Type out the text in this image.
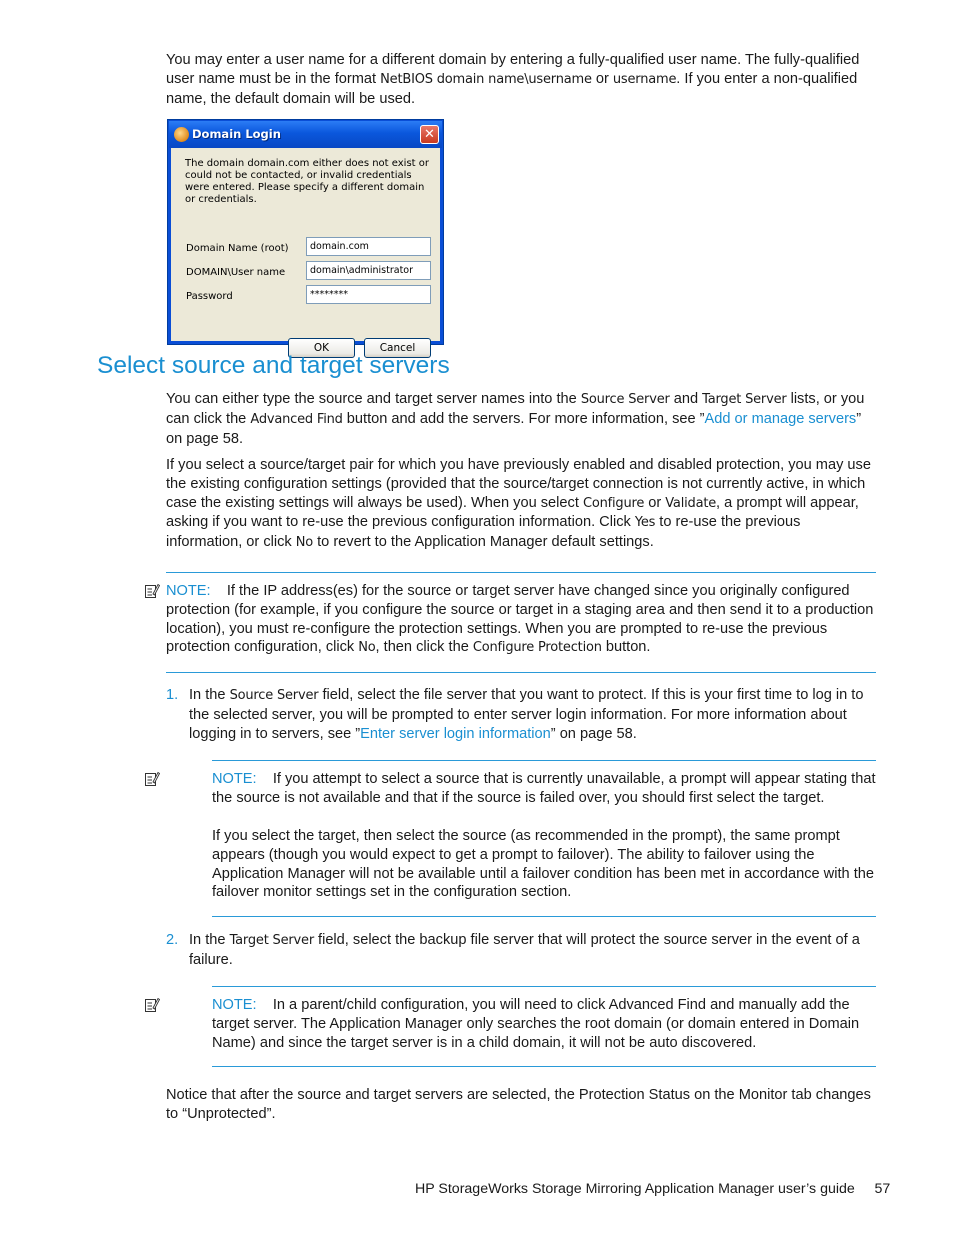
You may enter a user name for a different domain by entering a fully-qualified user name. The fully-qualified user name must be in the format NetBIOS domain name\username or username. If you enter a non-qualified name, the default domain will be used.

Domain Login	✕
The domain domain.com either does not exist or could not be contacted, or invalid credentials were entered. Please specify a different domain or credentials.
Domain Name (root)	domain.com
DOMAIN\User name	domain\administrator
Password	********
OK	Cancel
Select source and target servers

You can either type the source and target server names into the Source Server and Target Server lists, or you can click the Advanced Find button and add the servers. For more information, see ”Add or manage servers” on page 58.

If you select a source/target pair for which you have previously enabled and disabled protection, you may use the existing configuration settings (provided that the source/target connection is not currently active, in which case the existing settings will always be used). When you select Configure or Validate, a prompt will appear, asking if you want to re-use the previous configuration information. Click Yes to re-use the previous information, or click No to revert to the Application Manager default settings.

NOTE: If the IP address(es) for the source or target server have changed since you originally configured protection (for example, if you configure the source or target in a staging area and then send it to a production location), you must re-configure the protection settings. When you are prompted to re-use the previous protection configuration, click No, then click the Configure Protection button.

1. In the Source Server field, select the file server that you want to protect. If this is your first time to log in to the selected server, you will be prompted to enter server login information. For more information about logging in to servers, see ”Enter server login information” on page 58.

NOTE: If you attempt to select a source that is currently unavailable, a prompt will appear stating that the source is not available and that if the source is failed over, you should first select the target.

If you select the target, then select the source (as recommended in the prompt), the same prompt appears (though you would expect to get a prompt to failover). The ability to failover using the Application Manager will not be available until a failover condition has been met in accordance with the failover monitor settings set in the configuration section.

2. In the Target Server field, select the backup file server that will protect the source server in the event of a failure.

NOTE: In a parent/child configuration, you will need to click Advanced Find and manually add the target server. The Application Manager only searches the root domain (or domain entered in Domain Name) and since the target server is in a child domain, it will not be auto discovered.

Notice that after the source and target servers are selected, the Protection Status on the Monitor tab changes to “Unprotected”.

HP StorageWorks Storage Mirroring Application Manager user’s guide 57
